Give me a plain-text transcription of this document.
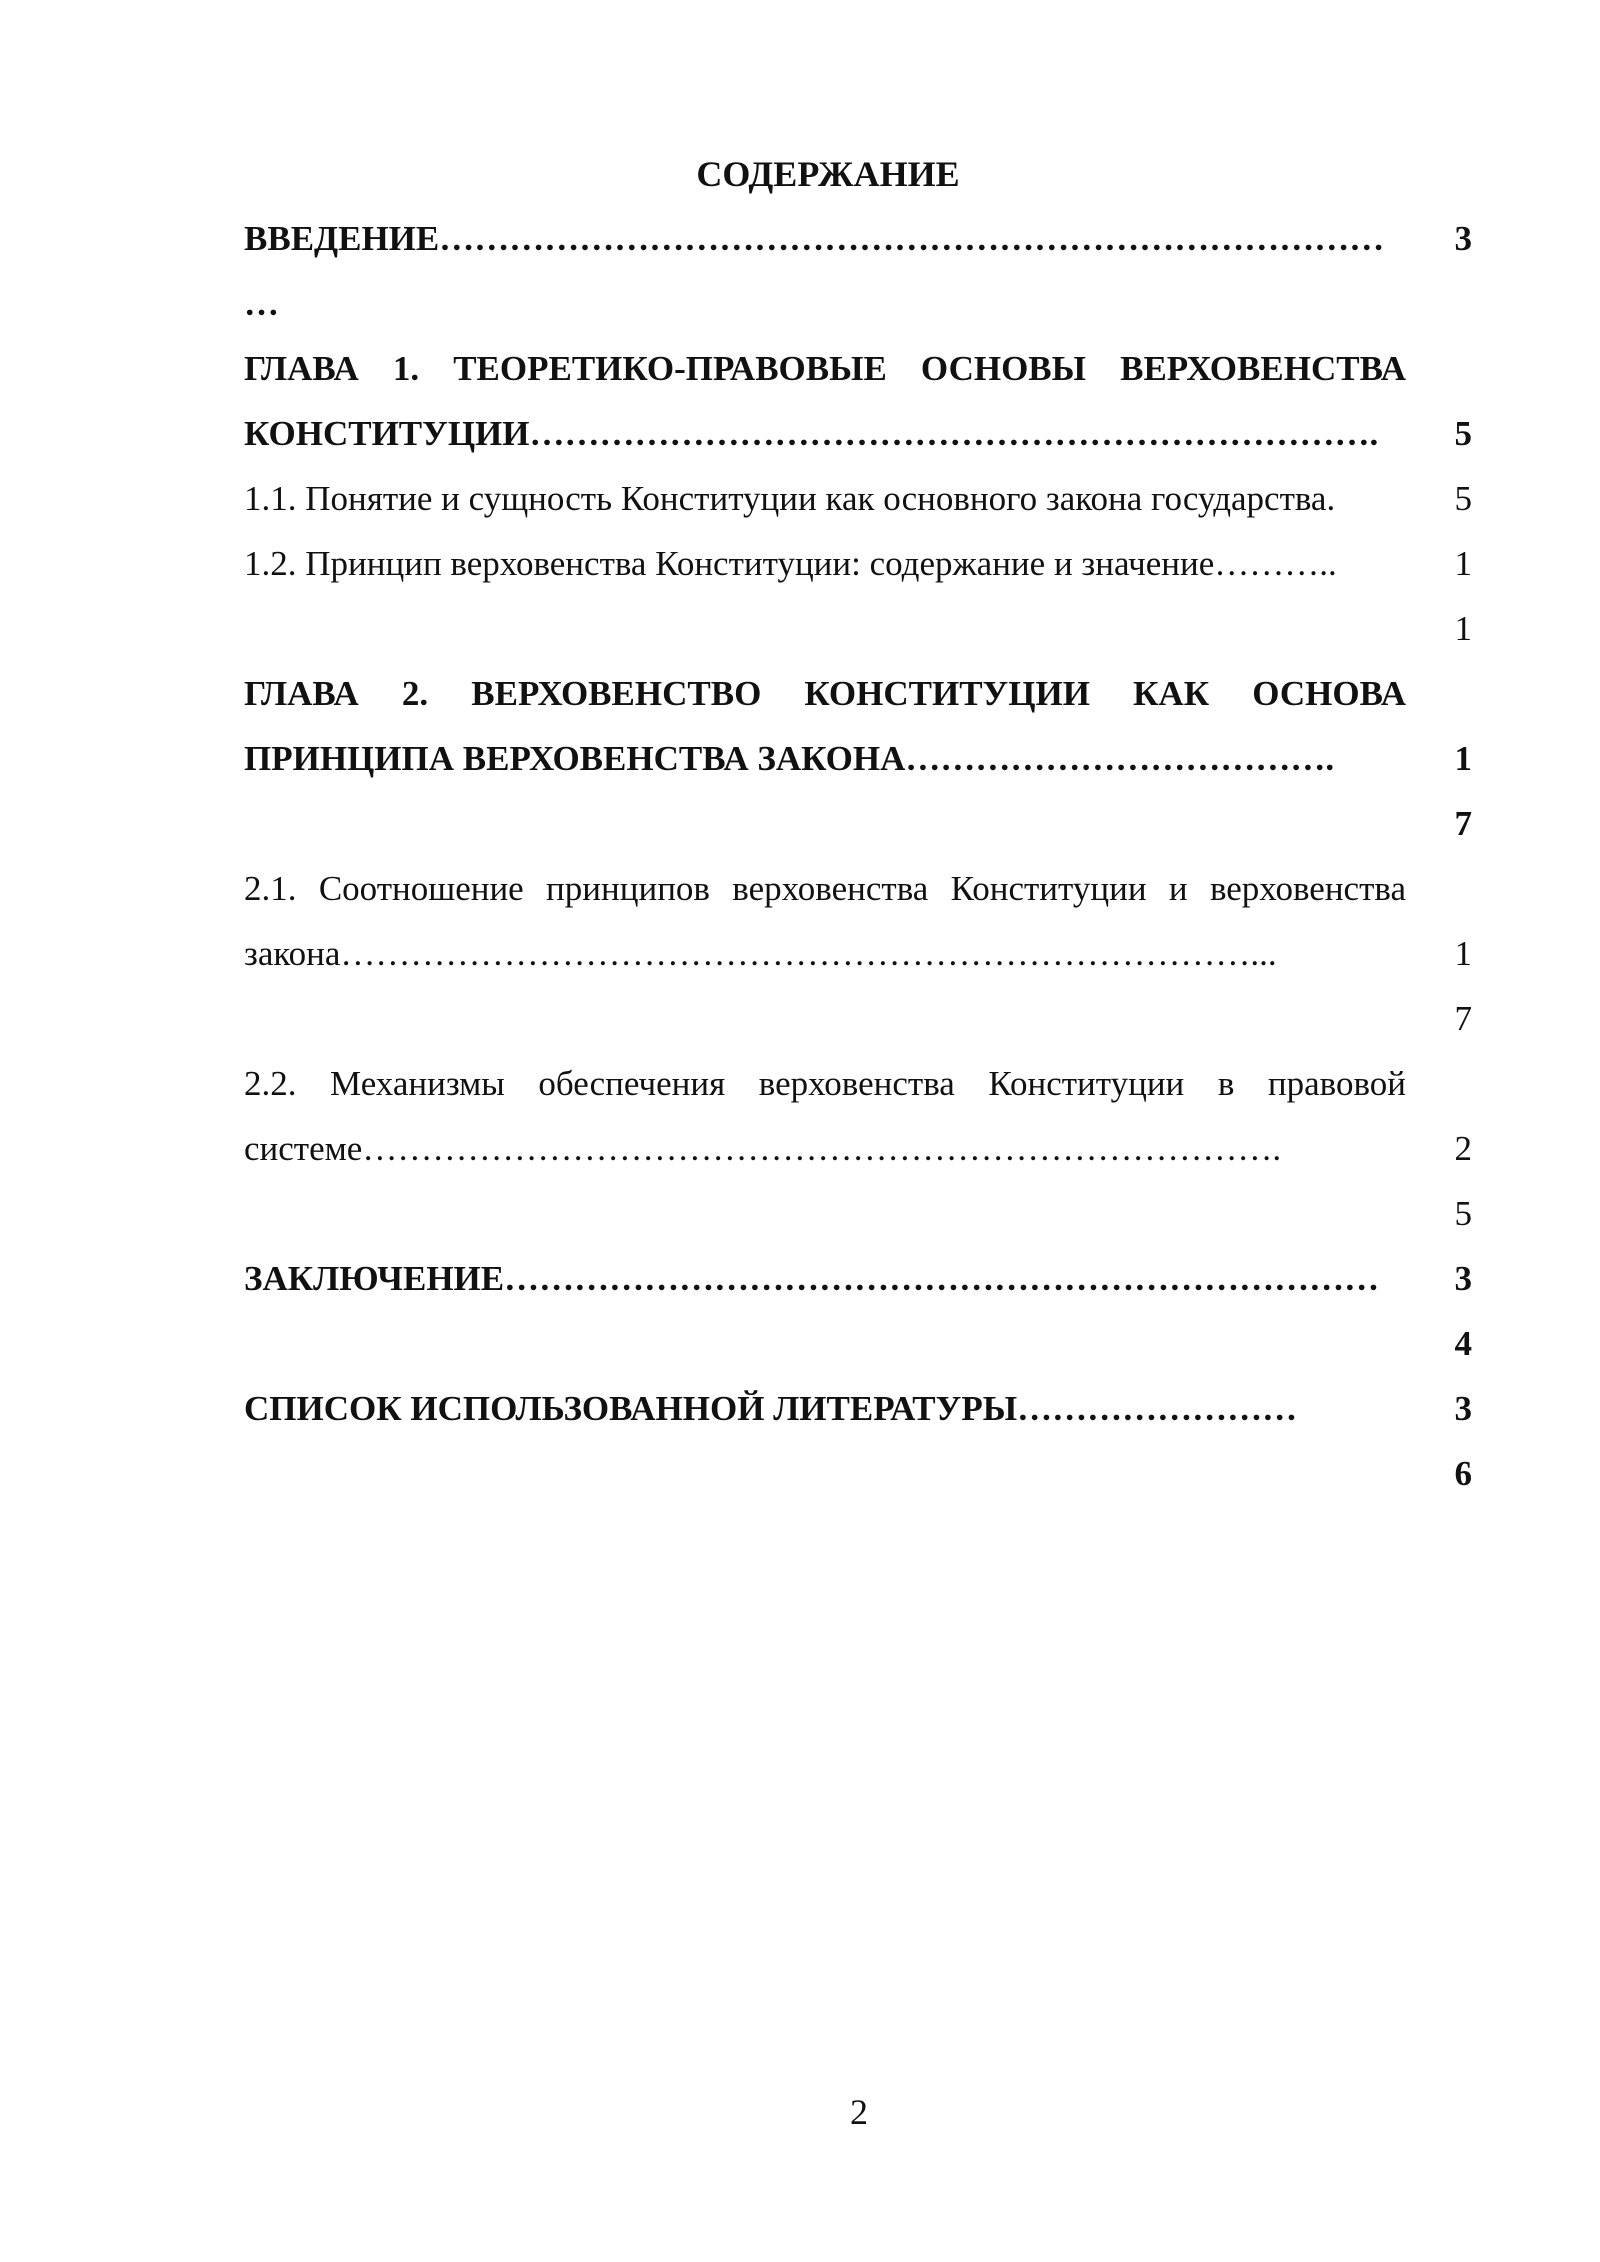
СОДЕРЖАНИЕ
ВВЕДЕНИЕ…………………………………………………………………………	3

ГЛАВА 1. ТЕОРЕТИКО-ПРАВОВЫЕ ОСНОВЫ ВЕРХОВЕНСТВА КОНСТИТУЦИИ……………………………………………………………….	5

1.1. Понятие и сущность Конституции как основного закона государства.	5

1.2. Принцип верховенства Конституции: содержание и значение………..	11

ГЛАВА 2. ВЕРХОВЕНСТВО КОНСТИТУЦИИ КАК ОСНОВА ПРИНЦИПА ВЕРХОВЕНСТВА ЗАКОНА……………………………….	17

2.1. Соотношение принципов верховенства Конституции и верховенства закона……………………………………………………………………...	17

2.2. Механизмы обеспечения верховенства Конституции в правовой системе…………………………………………………………………….	25

ЗАКЛЮЧЕНИЕ…………………………………………………………………	34

СПИСОК ИСПОЛЬЗОВАННОЙ ЛИТЕРАТУРЫ……………………	36
2
